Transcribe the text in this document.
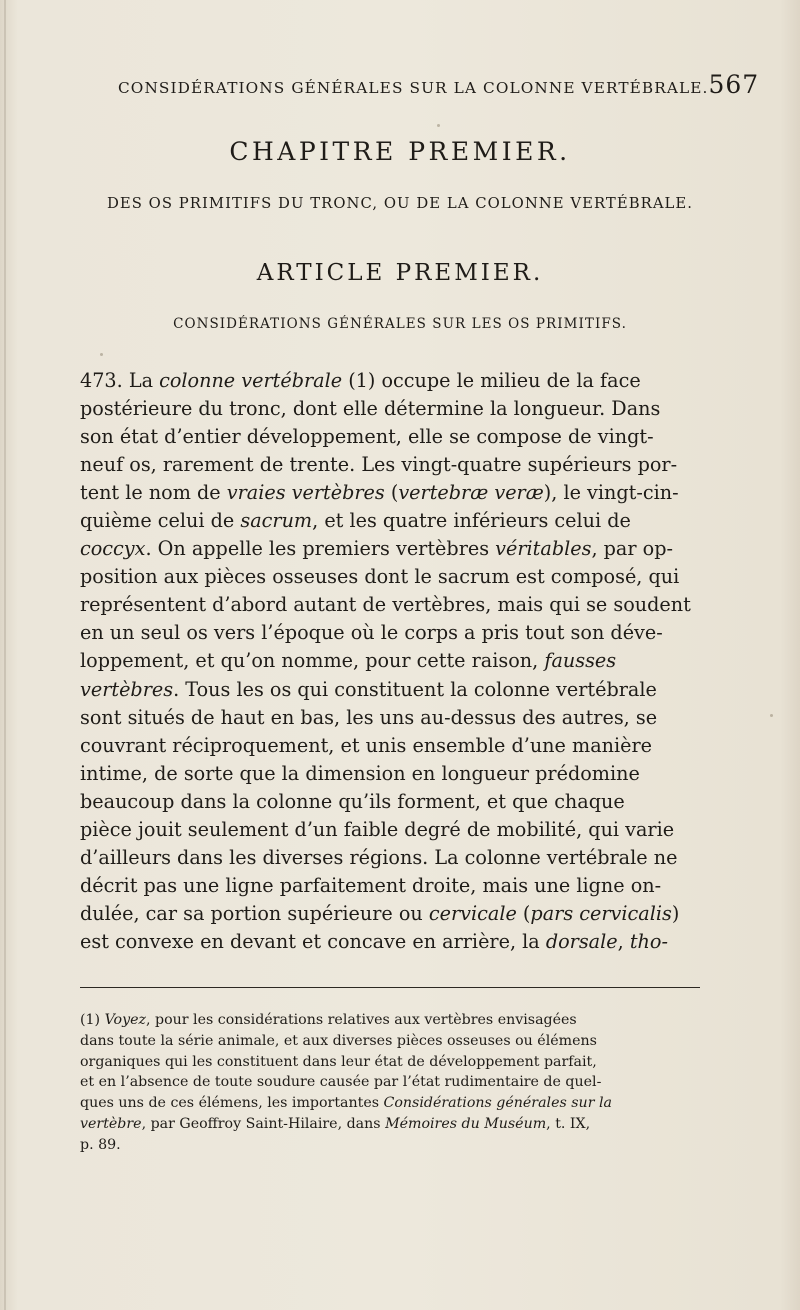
CONSIDÉRATIONS GÉNÉRALES SUR LA COLONNE VERTÉBRALE. 567
CHAPITRE PREMIER.
DES OS PRIMITIFS DU TRONC, OU DE LA COLONNE VERTÉBRALE.
ARTICLE PREMIER.
CONSIDÉRATIONS GÉNÉRALES SUR LES OS PRIMITIFS.
473. La colonne vertébrale (1) occupe le milieu de la face
postérieure du tronc, dont elle détermine la longueur. Dans
son état d’entier développement, elle se compose de vingt-
neuf os, rarement de trente. Les vingt-quatre supérieurs por-
tent le nom de vraies vertèbres (vertebræ veræ), le vingt-cin-
quième celui de sacrum, et les quatre inférieurs celui de
coccyx. On appelle les premiers vertèbres véritables, par op-
position aux pièces osseuses dont le sacrum est composé, qui
représentent d’abord autant de vertèbres, mais qui se soudent
en un seul os vers l’époque où le corps a pris tout son déve-
loppement, et qu’on nomme, pour cette raison, fausses
vertèbres. Tous les os qui constituent la colonne vertébrale
sont situés de haut en bas, les uns au-dessus des autres, se
couvrant réciproquement, et unis ensemble d’une manière
intime, de sorte que la dimension en longueur prédomine
beaucoup dans la colonne qu’ils forment, et que chaque
pièce jouit seulement d’un faible degré de mobilité, qui varie
d’ailleurs dans les diverses régions. La colonne vertébrale ne
décrit pas une ligne parfaitement droite, mais une ligne on-
dulée, car sa portion supérieure ou cervicale (pars cervicalis)
est convexe en devant et concave en arrière, la dorsale, tho-
(1) Voyez, pour les considérations relatives aux vertèbres envisagées
dans toute la série animale, et aux diverses pièces osseuses ou élémens
organiques qui les constituent dans leur état de développement parfait,
et en l’absence de toute soudure causée par l’état rudimentaire de quel-
ques uns de ces élémens, les importantes Considérations générales sur la
vertèbre, par Geoffroy Saint-Hilaire, dans Mémoires du Muséum, t. IX,
p. 89.
